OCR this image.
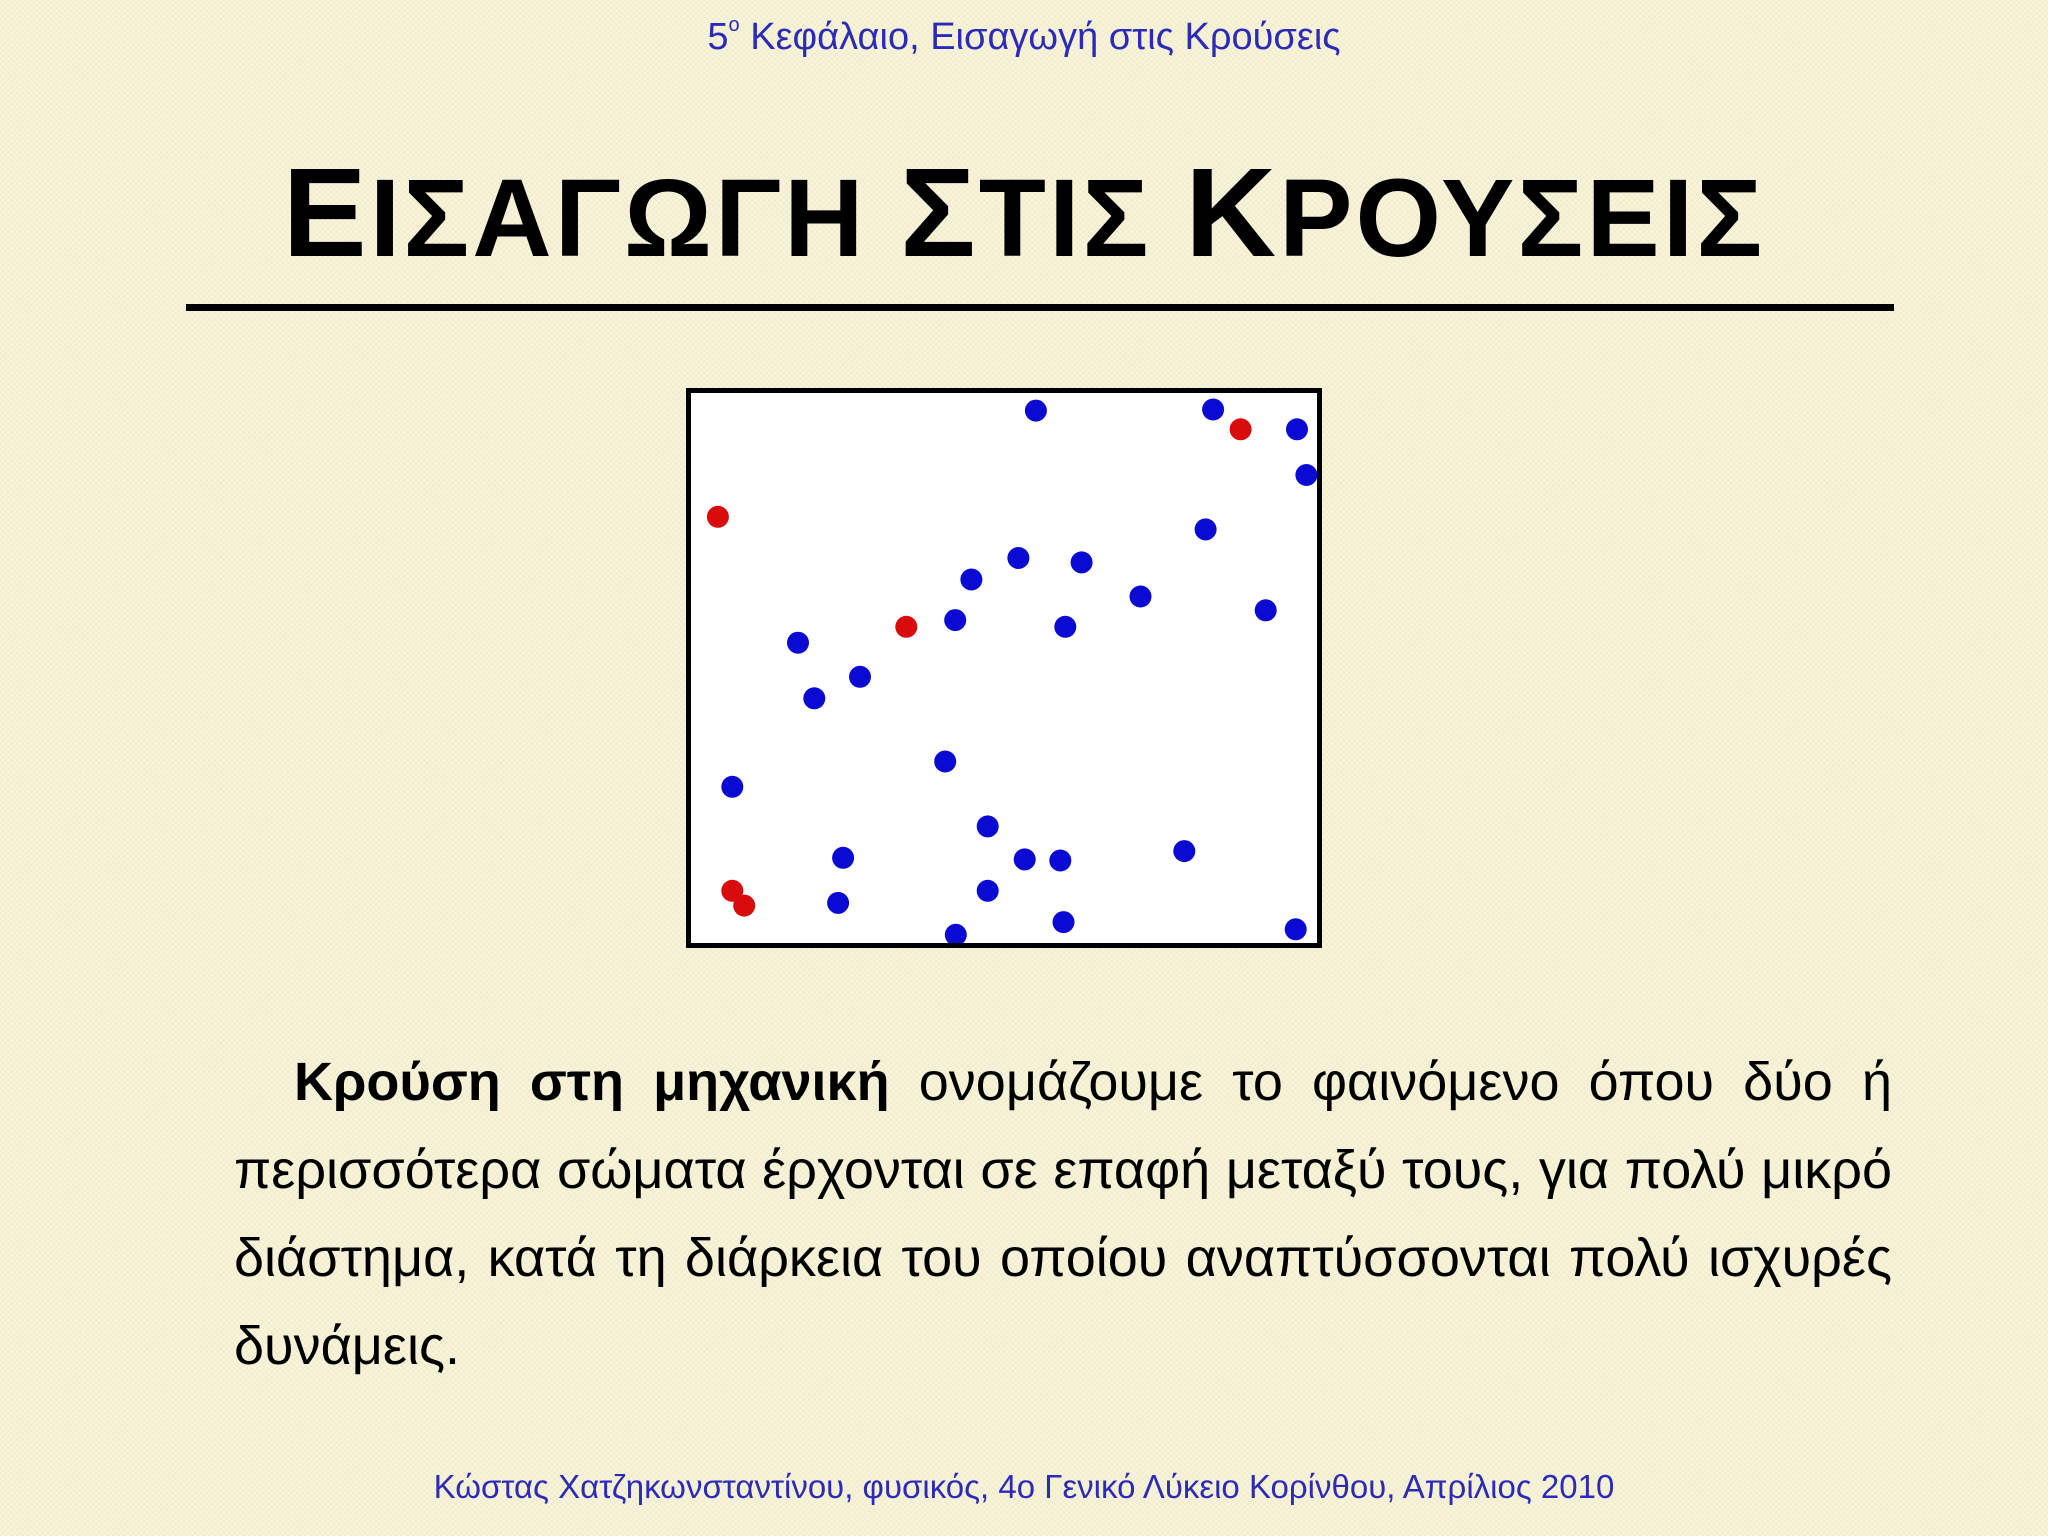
$5^o$ Κεφάλαιο, Εισαγωγή στις Κρούσεις
ΕΙΣΑΓΩΓΗ ΣΤΙΣ ΚΡΟΥΣΕΙΣ
Κρούση στη μηχανική ονομάζουμε το φαινόμενο όπου δύο ή περισσότερα σώματα έρχονται σε επαφή μεταξύ τους, για πολύ μικρό διάστημα, κατά τη διάρκεια του οποίου αναπτύσσονται πολύ ισχυρές δυνάμεις.
Κώστας Χατζηκωνσταντίνου, φυσικός, 4ο Γενικό Λύκειο Κορίνθου, Απρίλιος 2010
